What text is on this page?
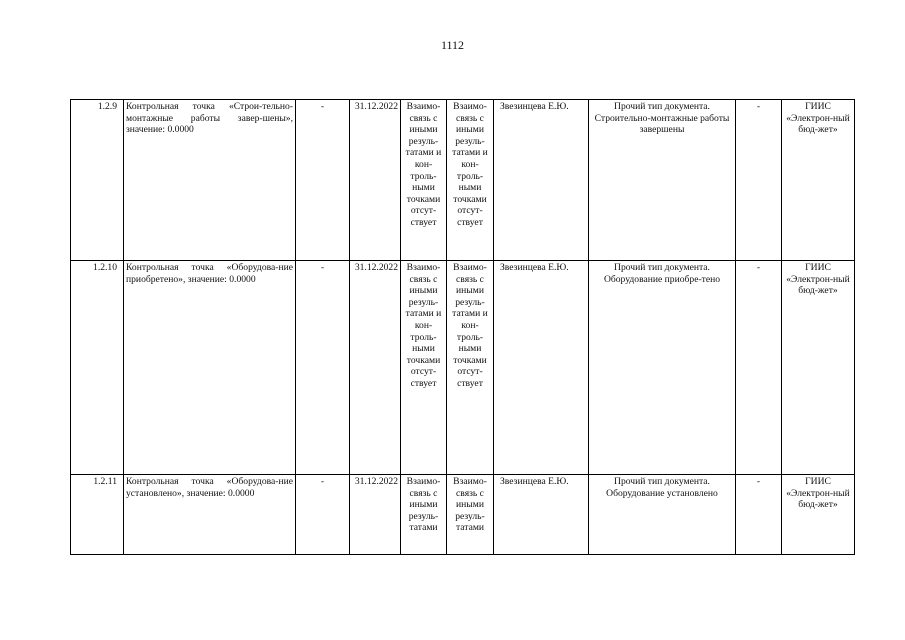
1112
1.2.9	Контрольная точка «Строи-тельно-монтажные работы завер-шены», значение: 0.0000	-	31.12.2022	Взаимо-связь с иными резуль-татами и кон-троль-ными точками отсут-ствует	Взаимо-связь с иными резуль-татами и кон-троль-ными точками отсут-ствует	Звезинцева Е.Ю.	Прочий тип документа. Строительно-монтажные работы завершены	-	ГИИС «Электрон-ный бюд-жет»
1.2.10	Контрольная точка «Оборудова-ние приобретено», значение: 0.0000	-	31.12.2022	Взаимо-связь с иными резуль-татами и кон-троль-ными точками отсут-ствует	Взаимо-связь с иными резуль-татами и кон-троль-ными точками отсут-ствует	Звезинцева Е.Ю.	Прочий тип документа. Оборудование приобре-тено	-	ГИИС «Электрон-ный бюд-жет»
1.2.11	Контрольная точка «Оборудова-ние установлено», значение: 0.0000	-	31.12.2022	Взаимо-связь с иными резуль-татами	Взаимо-связь с иными резуль-татами	Звезинцева Е.Ю.	Прочий тип документа. Оборудование установлено	-	ГИИС «Электрон-ный бюд-жет»
